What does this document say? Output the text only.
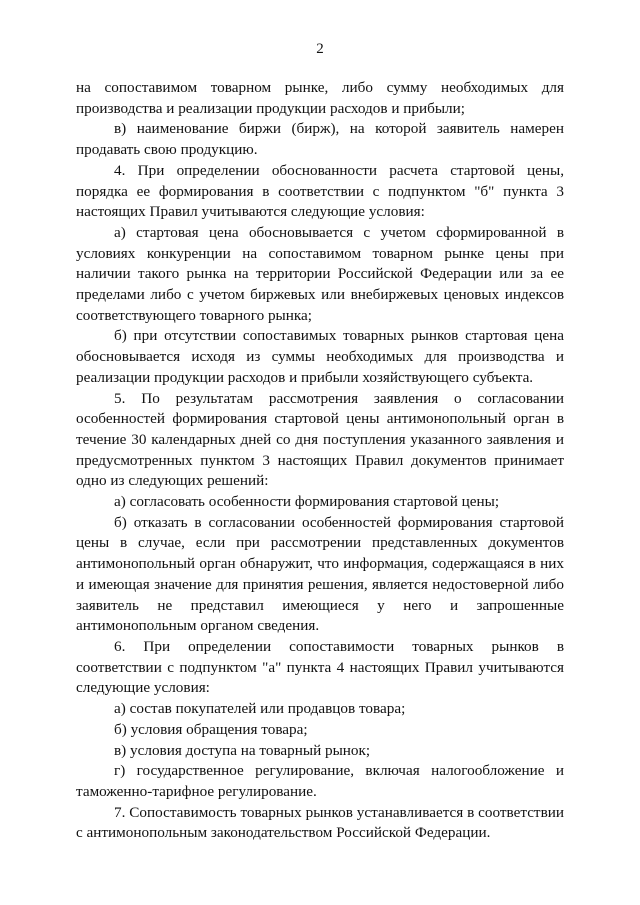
2

на сопоставимом товарном рынке, либо сумму необходимых для производства и реализации продукции расходов и прибыли;

в) наименование биржи (бирж), на которой заявитель намерен продавать свою продукцию.

4. При определении обоснованности расчета стартовой цены, порядка ее формирования в соответствии с подпунктом "б" пункта 3 настоящих Правил учитываются следующие условия:

а) стартовая цена обосновывается с учетом сформированной в условиях конкуренции на сопоставимом товарном рынке цены при наличии такого рынка на территории Российской Федерации или за ее пределами либо с учетом биржевых или внебиржевых ценовых индексов соответствующего товарного рынка;

б) при отсутствии сопоставимых товарных рынков стартовая цена обосновывается исходя из суммы необходимых для производства и реализации продукции расходов и прибыли хозяйствующего субъекта.

5. По результатам рассмотрения заявления о согласовании особенностей формирования стартовой цены антимонопольный орган в течение 30 календарных дней со дня поступления указанного заявления и предусмотренных пунктом 3 настоящих Правил документов принимает одно из следующих решений:

а) согласовать особенности формирования стартовой цены;

б) отказать в согласовании особенностей формирования стартовой цены в случае, если при рассмотрении представленных документов антимонопольный орган обнаружит, что информация, содержащаяся в них и имеющая значение для принятия решения, является недостоверной либо заявитель не представил имеющиеся у него и запрошенные антимонопольным органом сведения.

6. При определении сопоставимости товарных рынков в соответствии с подпунктом "а" пункта 4 настоящих Правил учитываются следующие условия:

а) состав покупателей или продавцов товара;

б) условия обращения товара;

в) условия доступа на товарный рынок;

г) государственное регулирование, включая налогообложение и таможенно-тарифное регулирование.

7. Сопоставимость товарных рынков устанавливается в соответствии с антимонопольным законодательством Российской Федерации.
